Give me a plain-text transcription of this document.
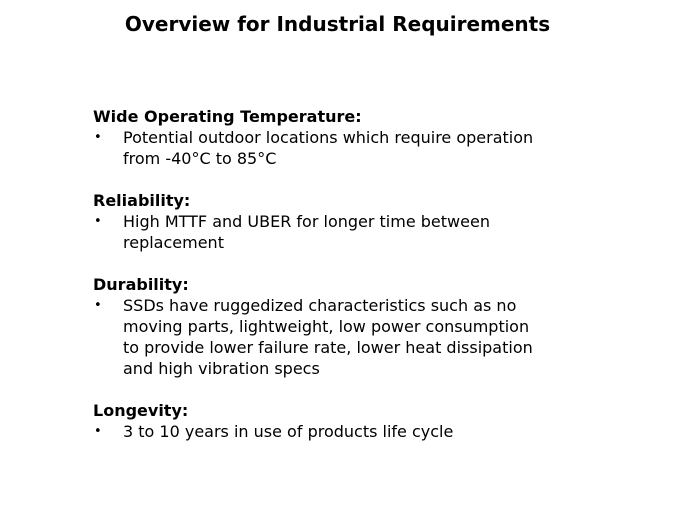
Overview for Industrial Requirements
Wide Operating Temperature:
•	Potential outdoor locations which require operation
from -40°C to 85°C
Reliability:
•	High MTTF and UBER for longer time between
replacement
Durability:
•	SSDs have ruggedized characteristics such as no
moving parts, lightweight, low power consumption
to provide lower failure rate, lower heat dissipation
and high vibration specs
Longevity:
•	3 to 10 years in use of products life cycle
